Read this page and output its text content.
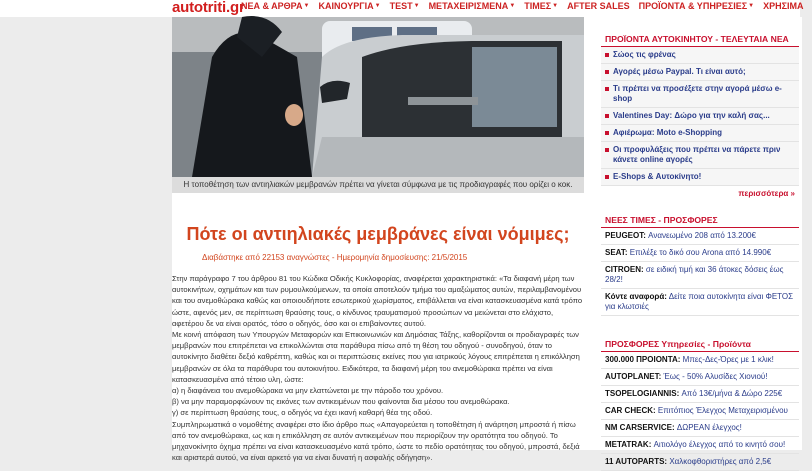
autotriti.gr
ΝΕΑ & ΑΡΘΡΑ ▼ ΚΑΙΝΟΥΡΓΙΑ ▼ TEST ▼ ΜΕΤΑΧΕΙΡΙΣΜΕΝΑ ▼ ΤΙΜΕΣ ▼ AFTER SALES ΠΡΟΪΟΝΤΑ & ΥΠΗΡΕΣΙΕΣ ▼ ΧΡΗΣΙΜΑ
Η τοποθέτηση των αντιηλιακών μεμβρανών πρέπει να γίνεται σύμφωνα με τις προδιαγραφές που ορίζει ο κοκ.
Πότε οι αντιηλιακές μεμβράνες είναι νόμιμες;
Διαβάστηκε από 22153 αναγνώστες - Ημερομηνία δημοσίευσης: 21/5/2015

Στην παράγραφο 7 του άρθρου 81 του Κώδικα Οδικής Κυκλοφορίας, αναφέρεται χαρακτηριστικά: «Τα διαφανή μέρη των αυτοκινήτων, οχημάτων και των ρυμουλκούμενων, τα οποία αποτελούν τμήμα του αμαξώματος αυτών, περιλαμβανομένου και του ανεμοθώρακα καθώς και οποιουδήποτε εσωτερικού χωρίσματος, επιβάλλεται να είναι κατασκευασμένα κατά τρόπο ώστε, αφενός μεν, σε περίπτωση θραύσης τους, ο κίνδυνος τραυματισμού προσώπων να μειώνεται στο ελάχιστο, αφετέρου δε να είναι ορατός, τόσο ο οδηγός, όσο και οι επιβαίνοντες αυτού.

Με κοινή απόφαση των Υπουργών Μεταφορών και Επικοινωνιών και Δημόσιας Τάξης, καθορίζονται οι προδιαγραφές των μεμβρανών που επιτρέπεται να επικολλώνται στα παράθυρα πίσω από τη θέση του οδηγού - συνοδηγού, όταν το αυτοκίνητο διαθέτει δεξιό καθρέπτη, καθώς και οι περιπτώσεις εκείνες που για ιατρικούς λόγους επιτρέπεται η επικόλληση μεμβρανών σε όλα τα παράθυρα του αυτοκινήτου. Ειδικότερα, τα διαφανή μέρη του ανεμοθώρακα πρέπει να είναι κατασκευασμένα από τέτοιο υλη, ώστε:

α) η διαφάνεια του ανεμοθώρακα να μην ελαττώνεται με την πάροδο του χρόνου.

β) να μην παραμορφώνουν τις εικόνες των αντικειμένων που φαίνονται δια μέσου του ανεμοθώρακα.

γ) σε περίπτωση θραύσης τους, ο οδηγός να έχει ικανή καθαρή θέα της οδού.

Συμπληρωματικά ο νομοθέτης αναφέρει στο ίδιο άρθρο πως «Απαγορεύεται η τοποθέτηση ή ανάρτηση μπροστά ή πίσω από τον ανεμοθώρακα, ως και η επικόλληση σε αυτόν αντικειμένων που περιορίζουν την ορατότητα του οδηγού. Το μηχανοκίνητο όχημα πρέπει να είναι κατασκευασμένο κατά τρόπο, ώστε το πεδίο ορατότητας του οδηγού, μπροστά, δεξιά και αριστερά αυτού, να είναι αρκετό για να είναι δυνατή η ασφαλής οδήγηση».

ΠΡΟΪΟΝΤΑ ΑΥΤΟΚΙΝΗΤΟΥ - ΤΕΛΕΥΤΑΙΑ ΝΕΑ
Σώος τις φρένας
Αγορές μέσω Paypal. Τι είναι αυτό;
Τι πρέπει να προσέξετε στην αγορά μέσω e-shop
Valentines Day: Δώρο για την καλή σας...
Αφιέρωμα: Moto e-Shopping
Οι προφυλάξεις που πρέπει να πάρετε πριν κάνετε online αγορές
E-Shops & Αυτοκίνητο!
περισσότερα »
ΝΕΕΣ ΤΙΜΕΣ - ΠΡΟΣΦΟΡΕΣ
PEUGEOT: Ανανεωμένο 208 από 13.200€
SEAT: Επιλέξε το δικό σου Arona από 14.990€
CITROEN: σε ειδική τιμή και 36 άτοκες δόσεις έως 28/2!
Κόντε αναφορά: Δείτε ποια αυτοκίνητα είναι ΦΕΤΟΣ για κλωτσιές
ΠΡΟΣΦΟΡΕΣ Υπηρεσίες - Προϊόντα
300.000 ΠΡΟΙΟΝΤΑ: Μπες-Δες-Όρες με 1 κλικ!
AUTOPLANET: Έως - 50% Αλυσίδες Χιονιού!
TSOPELOGIANNIS: Από 13€/μήνα & Δώρο 225€
CAR CHECK: Επιτόπιος Έλεγχος Μεταχειρισμένου
NM CARSERVICE: ΔΩΡΕΑΝ έλεγχος!
METATRAK: Αιτιολόγο έλεγχος από το κινητό σου!
11 AUTOPARTS: Χαλκοφθοριστήρες από 2,5€
